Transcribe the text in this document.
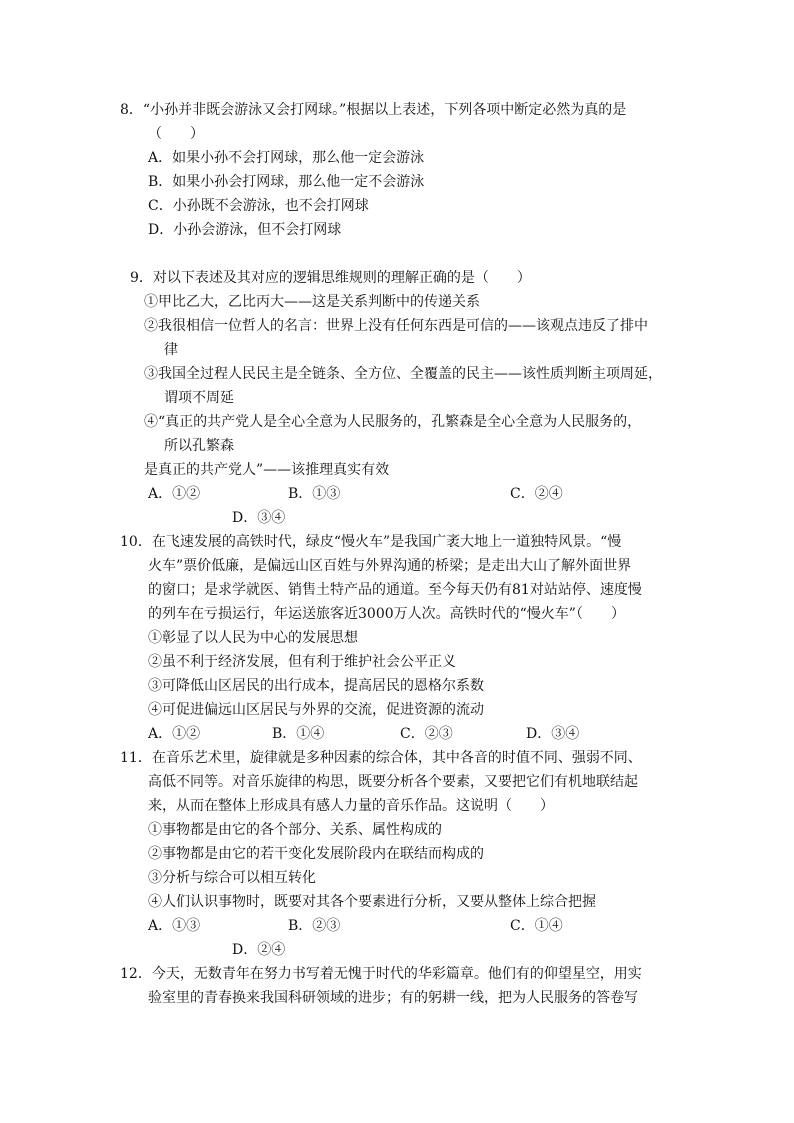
8．“小孙并非既会游泳又会打网球。”根据以上表述，下列各项中断定必然为真的是
（　　）
A．如果小孙不会打网球，那么他一定会游泳
B．如果小孙会打网球，那么他一定不会游泳
C．小孙既不会游泳，也不会打网球
D．小孙会游泳，但不会打网球
9．对以下表述及其对应的逻辑思维规则的理解正确的是（　　）
①甲比乙大，乙比丙大——这是关系判断中的传递关系
②我很相信一位哲人的名言：世界上没有任何东西是可信的——该观点违反了排中
律
③我国全过程人民民主是全链条、全方位、全覆盖的民主——该性质判断主项周延，
谓项不周延
④“真正的共产党人是全心全意为人民服务的，孔繁森是全心全意为人民服务的，
所以孔繁森
是真正的共产党人”——该推理真实有效
A．①②	B．①③	C．②④
D．③④
10．在飞速发展的高铁时代，绿皮“慢火车”是我国广袤大地上一道独特风景。“慢
火车”票价低廉，是偏远山区百姓与外界沟通的桥梁；是走出大山了解外面世界
的窗口；是求学就医、销售土特产品的通道。至今每天仍有81对站站停、速度慢
的列车在亏损运行，年运送旅客近3000万人次。高铁时代的“慢火车”（　　）
①彰显了以人民为中心的发展思想
②虽不利于经济发展，但有利于维护社会公平正义
③可降低山区居民的出行成本，提高居民的恩格尔系数
④可促进偏远山区居民与外界的交流，促进资源的流动
A．①②	B．①④	C．②③	D．③④
11．在音乐艺术里，旋律就是多种因素的综合体，其中各音的时值不同、强弱不同、
高低不同等。对音乐旋律的构思，既要分析各个要素，又要把它们有机地联结起
来，从而在整体上形成具有感人力量的音乐作品。这说明（　　）
①事物都是由它的各个部分、关系、属性构成的
②事物都是由它的若干变化发展阶段内在联结而构成的
③分析与综合可以相互转化
④人们认识事物时，既要对其各个要素进行分析，又要从整体上综合把握
A．①③	B．②③	C．①④
D．②④
12．今天，无数青年在努力书写着无愧于时代的华彩篇章。他们有的仰望星空，用实
验室里的青春换来我国科研领域的进步；有的躬耕一线，把为人民服务的答卷写
